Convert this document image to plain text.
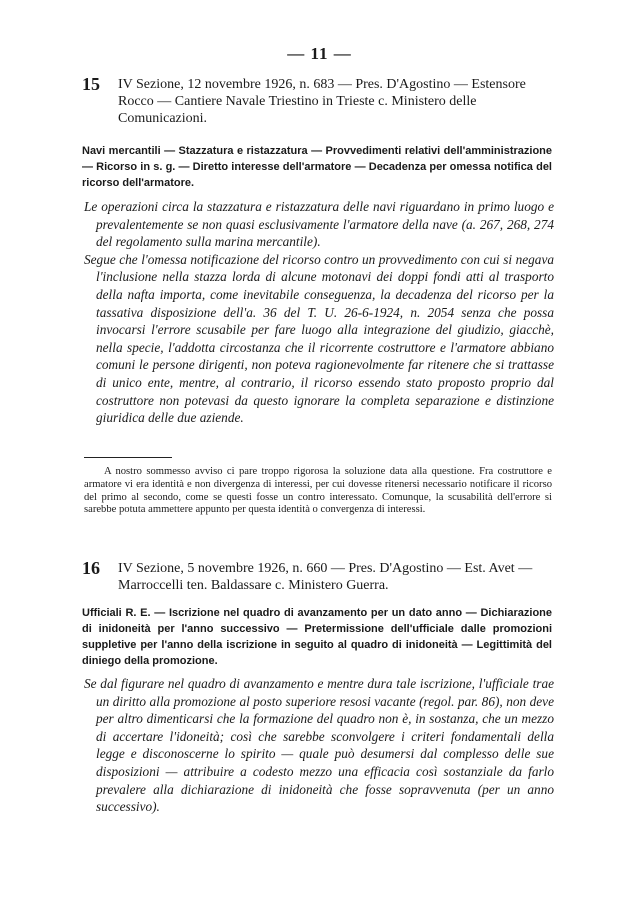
— 11 —
15 IV Sezione, 12 novembre 1926, n. 683 — Pres. D'Agostino — Estensore Rocco — Cantiere Navale Triestino in Trieste c. Ministero delle Comunicazioni.
Navi mercantili — Stazzatura e ristazzatura — Provvedimenti relativi dell'amministrazione — Ricorso in s. g. — Diretto interesse dell'armatore — Decadenza per omessa notifica del ricorso dell'armatore.

Le operazioni circa la stazzatura e ristazzatura delle navi riguardano in primo luogo e prevalentemente se non quasi esclusivamente l'armatore della nave (a. 267, 268, 274 del regolamento sulla marina mercantile).

Segue che l'omessa notificazione del ricorso contro un provvedimento con cui si negava l'inclusione nella stazza lorda di alcune motonavi dei doppi fondi atti al trasporto della nafta importa, come inevitabile conseguenza, la decadenza del ricorso per la tassativa disposizione dell'a. 36 del T. U. 26-6-1924, n. 2054 senza che possa invocarsi l'errore scusabile per fare luogo alla integrazione del giudizio, giacchè, nella specie, l'addotta circostanza che il ricorrente costruttore e l'armatore abbiano comuni le persone dirigenti, non poteva ragionevolmente far ritenere che si trattasse di unico ente, mentre, al contrario, il ricorso essendo stato proposto proprio dal costruttore non potevasi da questo ignorare la completa separazione e distinzione giuridica delle due aziende.

A nostro sommesso avviso ci pare troppo rigorosa la soluzione data alla questione. Fra costruttore e armatore vi era identità e non divergenza di interessi, per cui dovesse ritenersi necessario notificare il ricorso del primo al secondo, come se questi fosse un contro interessato. Comunque, la scusabilità dell'errore si sarebbe potuta ammettere appunto per questa identità o convergenza di interessi.

16 IV Sezione, 5 novembre 1926, n. 660 — Pres. D'Agostino — Est. Avet — Marroccelli ten. Baldassare c. Ministero Guerra.
Ufficiali R. E. — Iscrizione nel quadro di avanzamento per un dato anno — Dichiarazione di inidoneità per l'anno successivo — Pretermissione dell'ufficiale dalle promozioni suppletive per l'anno della iscrizione in seguito al quadro di inidoneità — Legittimità del diniego della promozione.

Se dal figurare nel quadro di avanzamento e mentre dura tale iscrizione, l'ufficiale trae un diritto alla promozione al posto superiore resosi vacante (regol. par. 86), non deve per altro dimenticarsi che la formazione del quadro non è, in sostanza, che un mezzo di accertare l'idoneità; così che sarebbe sconvolgere i criteri fondamentali della legge e disconoscerne lo spirito — quale può desumersi dal complesso delle sue disposizioni — attribuire a codesto mezzo una efficacia così sostanziale da farlo prevalere alla dichiarazione di inidoneità che fosse sopravvenuta (per un anno successivo).
